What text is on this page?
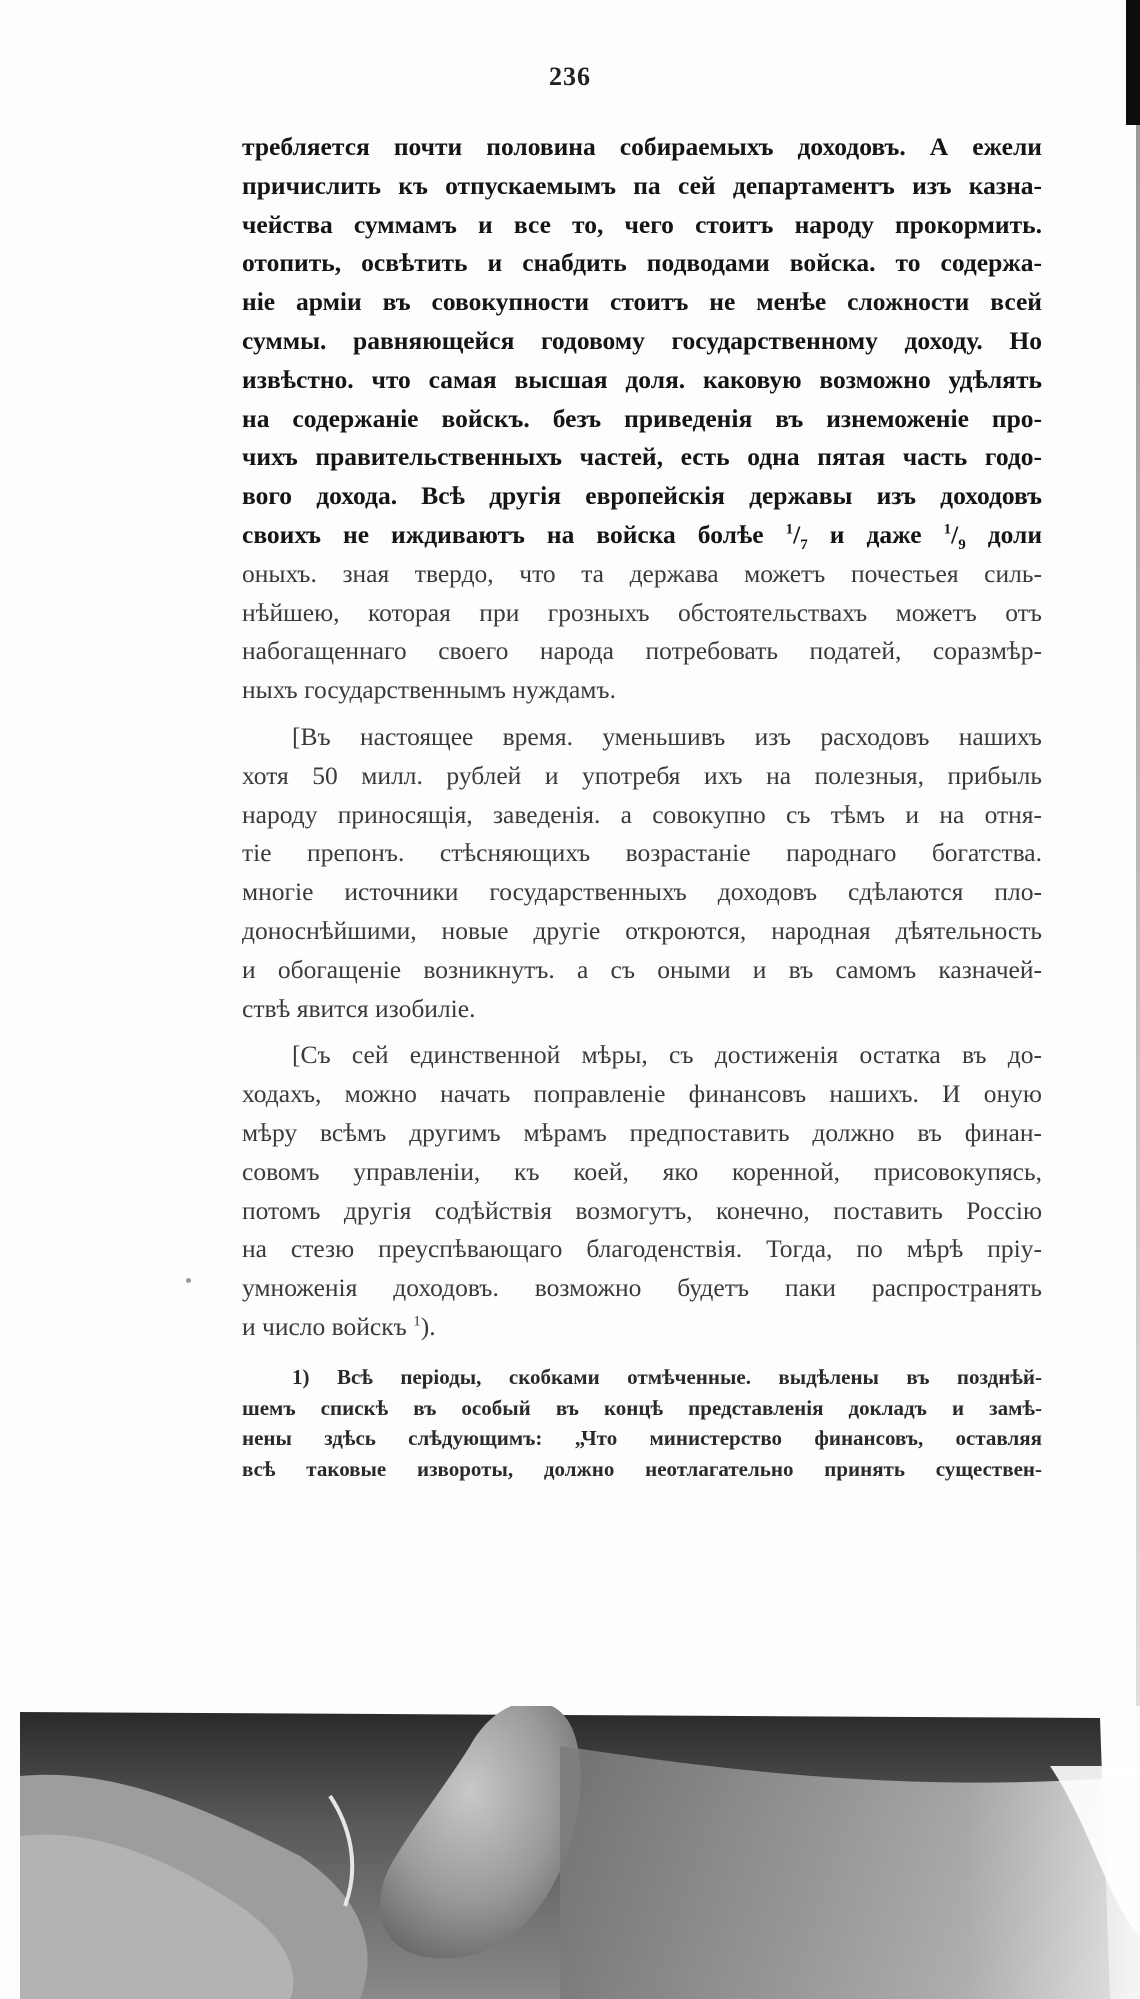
236
требляется почти половина собираемыхъ доходовъ. А ежели
причислить къ отпускаемымъ па сей департаментъ изъ казна-
чейства суммамъ и все то, чего стоитъ народу прокормить.
отопить, освѣтить и снабдить подводами войска. то содержа-
ніе арміи въ совокупности стоитъ не менѣе сложности всей
суммы. равняющейся годовому государственному доходу. Но
извѣстно. что самая высшая доля. каковую возможно удѣлять
на содержаніе войскъ. безъ приведенія въ изнеможеніе про-
чихъ правительственныхъ частей, есть одна пятая часть годо-
вого дохода. Всѣ другія европейскія державы изъ доходовъ
своихъ не иждиваютъ на войска болѣе $^1/_7$ и даже $^1/_9$ доли
оныхъ. зная твердо, что та держава можетъ почестьея силь-
нѣйшею, которая при грозныхъ обстоятельствахъ можетъ отъ
набогащеннаго своего народа потребовать податей, соразмѣр-
ныхъ государственнымъ нуждамъ.
[Въ настоящее время. уменьшивъ изъ расходовъ нашихъ
хотя 50 милл. рублей и употребя ихъ на полезныя, прибыль
народу приносящія, заведенія. а совокупно съ тѣмъ и на отня-
тіе препонъ. стѣсняющихъ возрастаніе пароднаго богатства.
многіе источники государственныхъ доходовъ сдѣлаются пло-
доноснѣйшими, новые другіе откроются, народная дѣятельность
и обогащеніе возникнутъ. а съ оными и въ самомъ казначей-
ствѣ явится изобиліе.
[Съ сей единственной мѣры, съ достиженія остатка въ до-
ходахъ, можно начать поправленіе финансовъ нашихъ. И оную
мѣру всѣмъ другимъ мѣрамъ предпоставить должно въ финан-
совомъ управленіи, къ коей, яко коренной, присовокупясь,
потомъ другія содѣйствія возмогутъ, конечно, поставить Россію
на стезю преуспѣвающаго благоденствія. Тогда, по мѣрѣ пріу-
умноженія доходовъ. возможно будетъ паки распространять
и число войскъ $^1$).
1) Всѣ періоды, скобками отмѣченные. выдѣлены въ позднѣй-
шемъ спискѣ въ особый въ концѣ представленія докладъ и замѣ-
нены здѣсь слѣдующимъ: „Что министерство финансовъ, оставляя
всѣ таковые извороты, должно неотлагательно принять существен-
